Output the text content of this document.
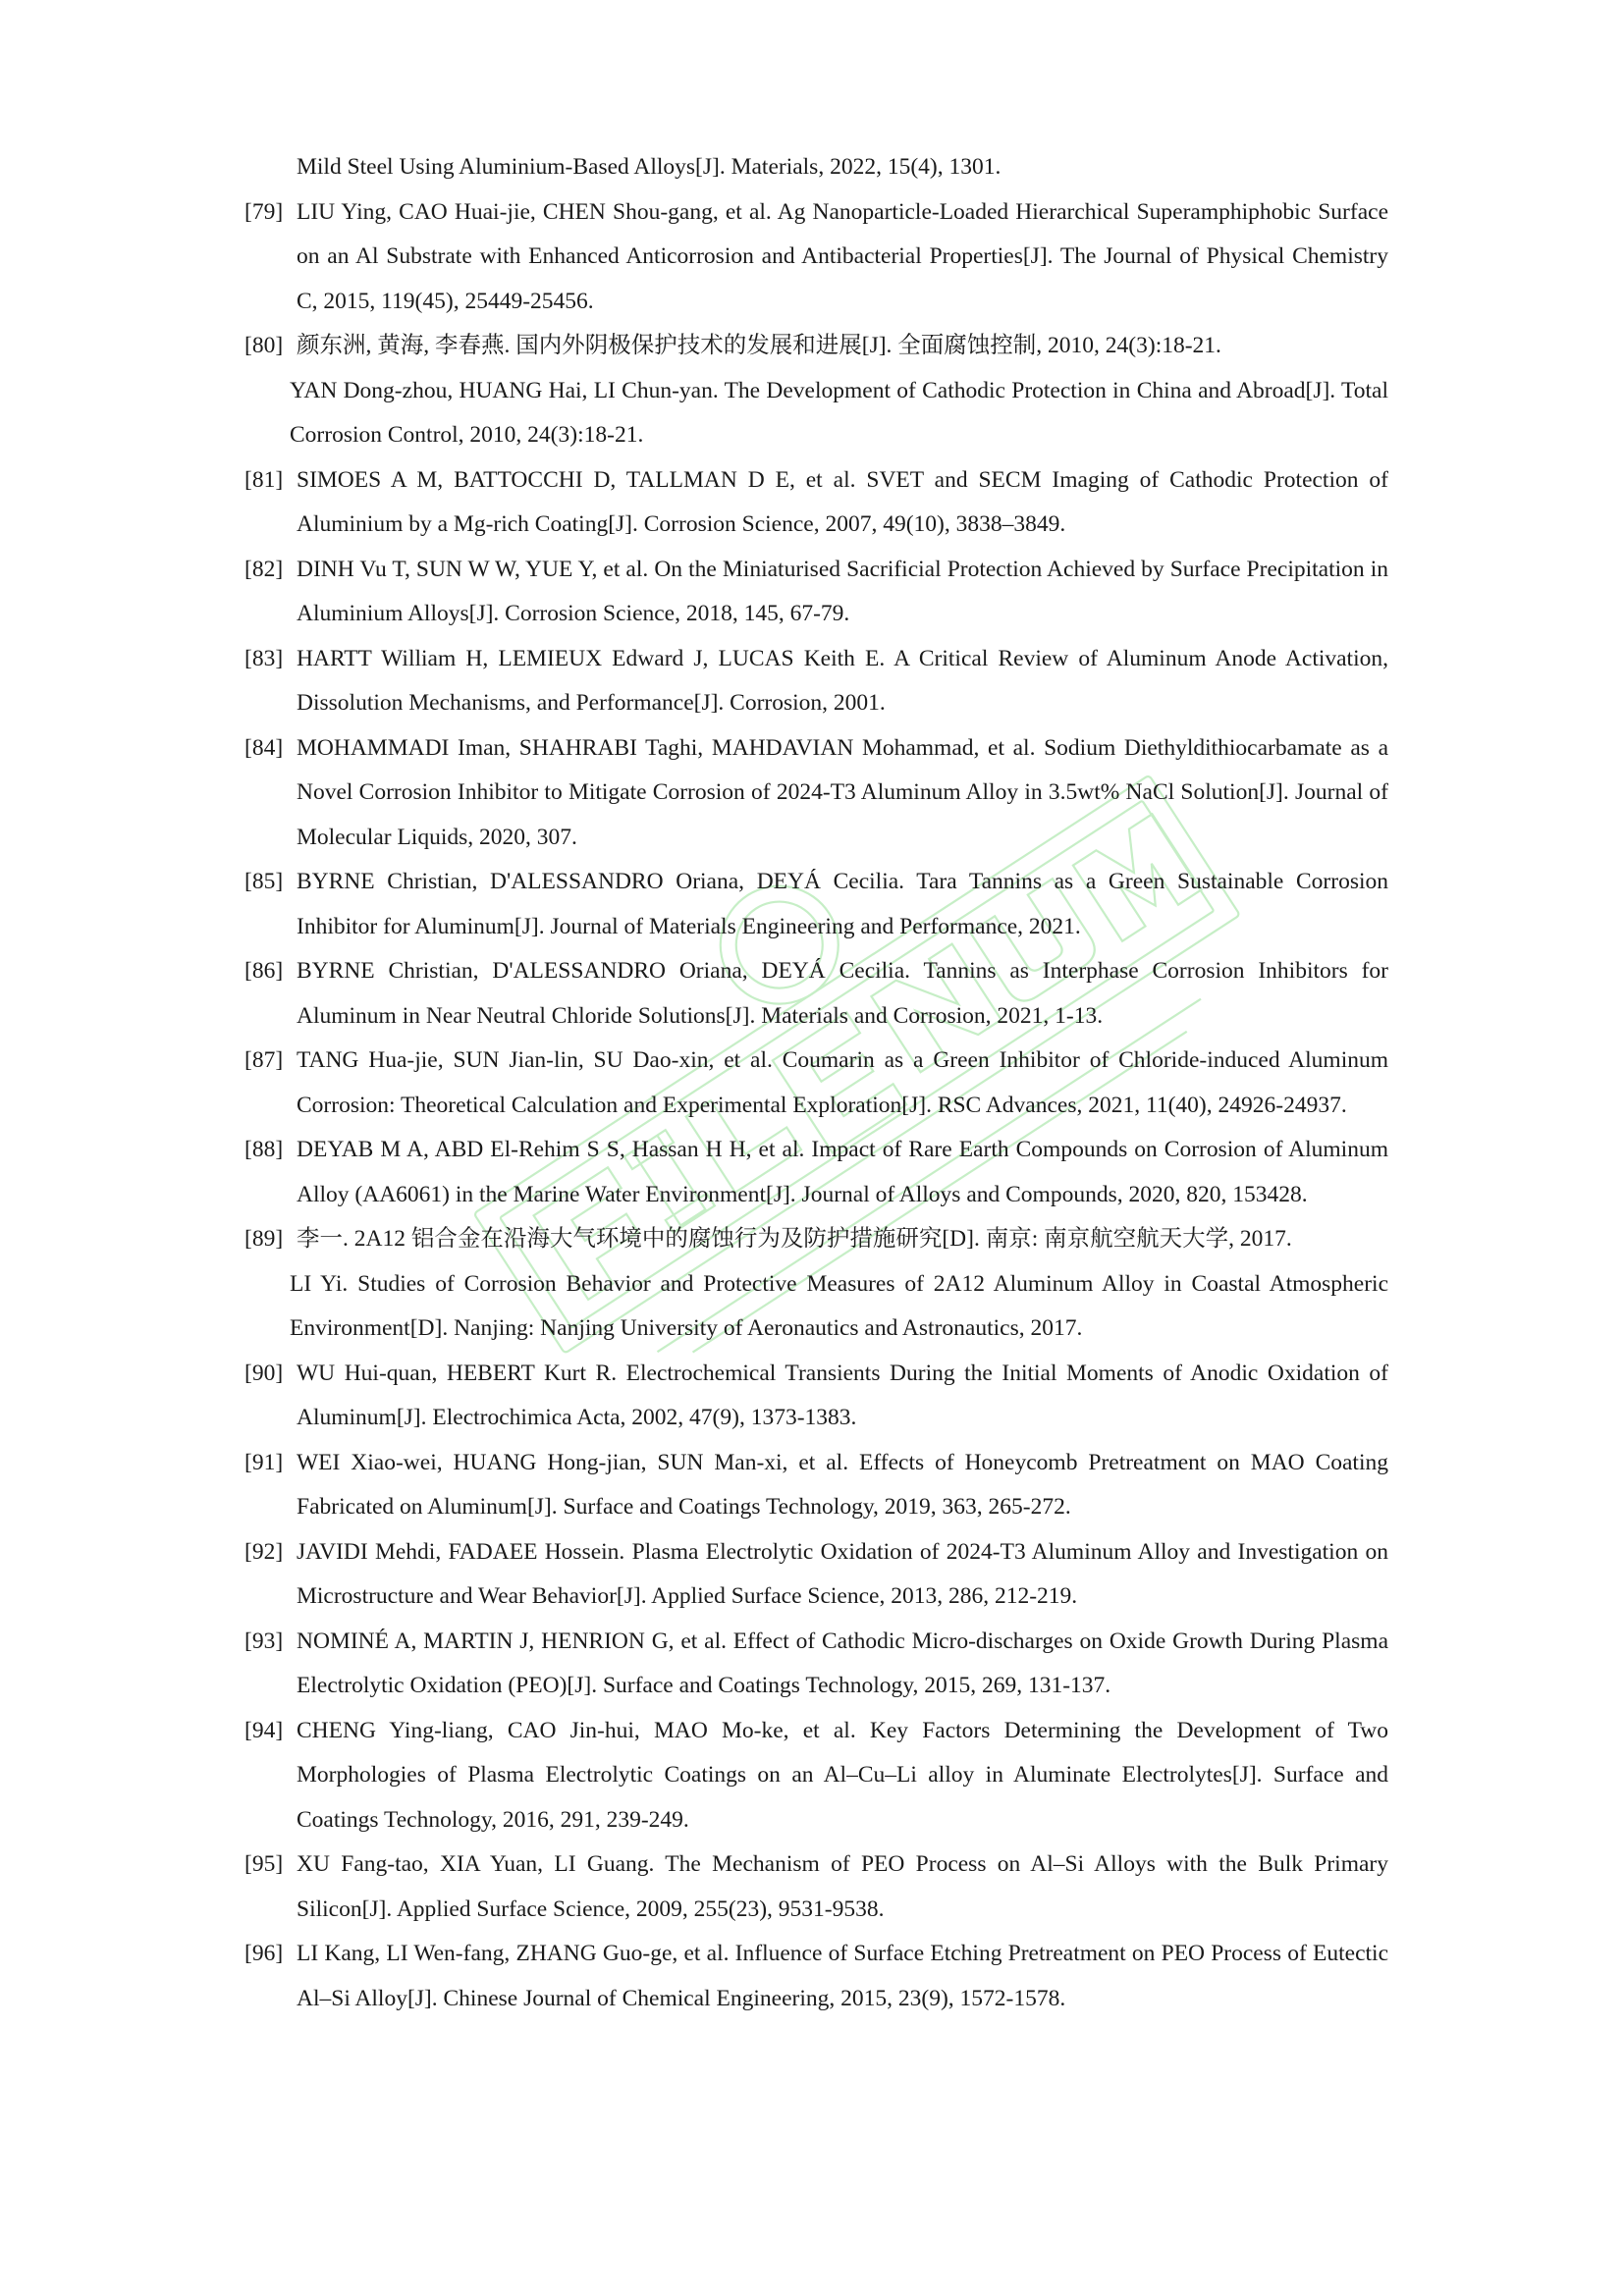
Mild Steel Using Aluminium-Based Alloys[J]. Materials, 2022, 15(4), 1301.
[79] LIU Ying, CAO Huai-jie, CHEN Shou-gang, et al. Ag Nanoparticle-Loaded Hierarchical Superamphiphobic Surface on an Al Substrate with Enhanced Anticorrosion and Antibacterial Properties[J]. The Journal of Physical Chemistry C, 2015, 119(45), 25449-25456.
[80] 颜东洲, 黄海, 李春燕. 国内外阴极保护技术的发展和进展[J]. 全面腐蚀控制, 2010, 24(3):18-21.
YAN Dong-zhou, HUANG Hai, LI Chun-yan. The Development of Cathodic Protection in China and Abroad[J]. Total Corrosion Control, 2010, 24(3):18-21.
[81] SIMOES A M, BATTOCCHI D, TALLMAN D E, et al. SVET and SECM Imaging of Cathodic Protection of Aluminium by a Mg-rich Coating[J]. Corrosion Science, 2007, 49(10), 3838–3849.
[82] DINH Vu T, SUN W W, YUE Y, et al. On the Miniaturised Sacrificial Protection Achieved by Surface Precipitation in Aluminium Alloys[J]. Corrosion Science, 2018, 145, 67-79.
[83] HARTT William H, LEMIEUX Edward J, LUCAS Keith E. A Critical Review of Aluminum Anode Activation, Dissolution Mechanisms, and Performance[J]. Corrosion, 2001.
[84] MOHAMMADI Iman, SHAHRABI Taghi, MAHDAVIAN Mohammad, et al. Sodium Diethyldithiocarbamate as a Novel Corrosion Inhibitor to Mitigate Corrosion of 2024-T3 Aluminum Alloy in 3.5wt% NaCl Solution[J]. Journal of Molecular Liquids, 2020, 307.
[85] BYRNE Christian, D'ALESSANDRO Oriana, DEYÁ Cecilia. Tara Tannins as a Green Sustainable Corrosion Inhibitor for Aluminum[J]. Journal of Materials Engineering and Performance, 2021.
[86] BYRNE Christian, D'ALESSANDRO Oriana, DEYÁ Cecilia. Tannins as Interphase Corrosion Inhibitors for Aluminum in Near Neutral Chloride Solutions[J]. Materials and Corrosion, 2021, 1-13.
[87] TANG Hua-jie, SUN Jian-lin, SU Dao-xin, et al. Coumarin as a Green Inhibitor of Chloride-induced Aluminum Corrosion: Theoretical Calculation and Experimental Exploration[J]. RSC Advances, 2021, 11(40), 24926-24937.
[88] DEYAB M A, ABD El-Rehim S S, Hassan H H, et al. Impact of Rare Earth Compounds on Corrosion of Aluminum Alloy (AA6061) in the Marine Water Environment[J]. Journal of Alloys and Compounds, 2020, 820, 153428.
[89] 李一. 2A12 铝合金在沿海大气环境中的腐蚀行为及防护措施研究[D]. 南京: 南京航空航天大学, 2017.
LI Yi. Studies of Corrosion Behavior and Protective Measures of 2A12 Aluminum Alloy in Coastal Atmospheric Environment[D]. Nanjing: Nanjing University of Aeronautics and Astronautics, 2017.
[90] WU Hui-quan, HEBERT Kurt R. Electrochemical Transients During the Initial Moments of Anodic Oxidation of Aluminum[J]. Electrochimica Acta, 2002, 47(9), 1373-1383.
[91] WEI Xiao-wei, HUANG Hong-jian, SUN Man-xi, et al. Effects of Honeycomb Pretreatment on MAO Coating Fabricated on Aluminum[J]. Surface and Coatings Technology, 2019, 363, 265-272.
[92] JAVIDI Mehdi, FADAEE Hossein. Plasma Electrolytic Oxidation of 2024-T3 Aluminum Alloy and Investigation on Microstructure and Wear Behavior[J]. Applied Surface Science, 2013, 286, 212-219.
[93] NOMINÉ A, MARTIN J, HENRION G, et al. Effect of Cathodic Micro-discharges on Oxide Growth During Plasma Electrolytic Oxidation (PEO)[J]. Surface and Coatings Technology, 2015, 269, 131-137.
[94] CHENG Ying-liang, CAO Jin-hui, MAO Mo-ke, et al. Key Factors Determining the Development of Two Morphologies of Plasma Electrolytic Coatings on an Al–Cu–Li alloy in Aluminate Electrolytes[J]. Surface and Coatings Technology, 2016, 291, 239-249.
[95] XU Fang-tao, XIA Yuan, LI Guang. The Mechanism of PEO Process on Al–Si Alloys with the Bulk Primary Silicon[J]. Applied Surface Science, 2009, 255(23), 9531-9538.
[96] LI Kang, LI Wen-fang, ZHANG Guo-ge, et al. Influence of Surface Etching Pretreatment on PEO Process of Eutectic Al–Si Alloy[J]. Chinese Journal of Chemical Engineering, 2015, 23(9), 1572-1578.
